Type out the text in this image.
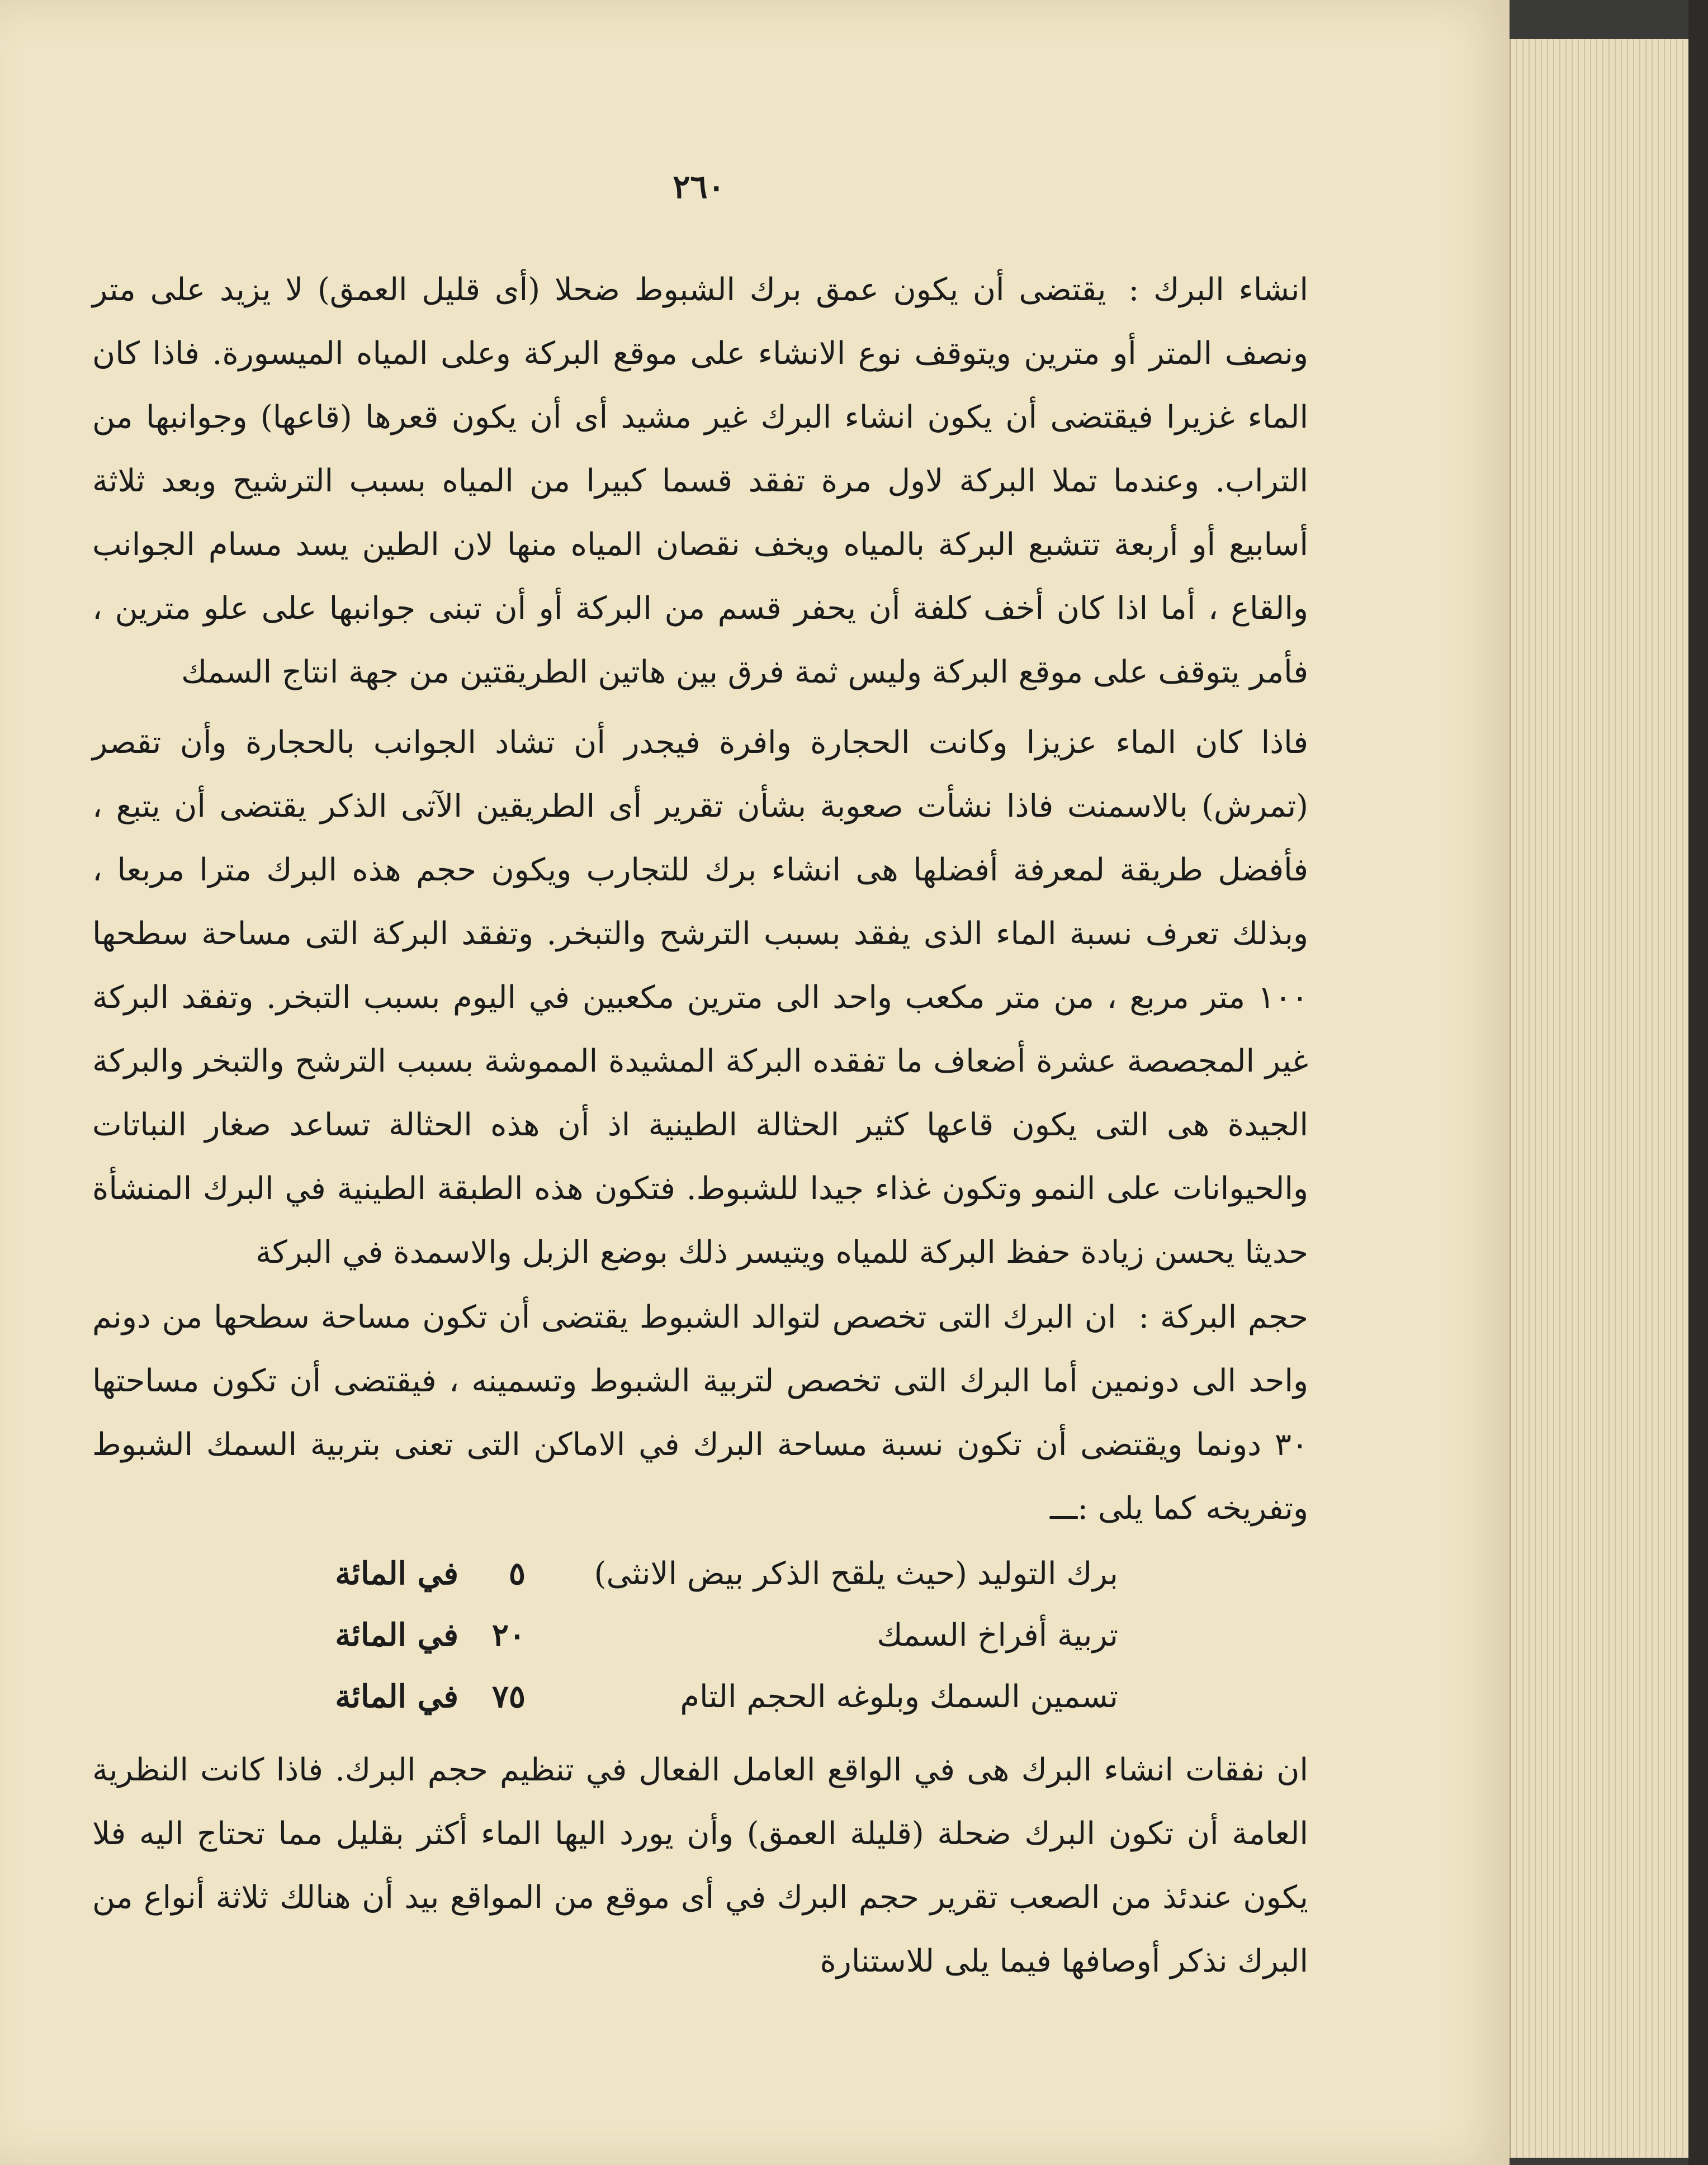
٢٦٠
انشاء البرك :يقتضى أن يكون عمق برك الشبوط ضحلا (أى قليل العمق) لا يزيد على متر ونصف المتر أو مترين ويتوقف نوع الانشاء على موقع البركة وعلى المياه الميسورة. فاذا كان الماء غزيرا فيقتضى أن يكون انشاء البرك غير مشيد أى أن يكون قعرها (قاعها) وجوانبها من التراب. وعندما تملا البركة لاول مرة تفقد قسما كبيرا من المياه بسبب الترشيح وبعد ثلاثة أسابيع أو أربعة تتشبع البركة بالمياه ويخف نقصان المياه منها لان الطين يسد مسام الجوانب والقاع ، أما اذا كان أخف كلفة أن يحفر قسم من البركة أو أن تبنى جوانبها على علو مترين ، فأمر يتوقف على موقع البركة وليس ثمة فرق بين هاتين الطريقتين من جهة انتاج السمك
فاذا كان الماء عزيزا وكانت الحجارة وافرة فيجدر أن تشاد الجوانب بالحجارة وأن تقصر (تمرش) بالاسمنت فاذا نشأت صعوبة بشأن تقرير أى الطريقين الآتى الذكر يقتضى أن يتبع ، فأفضل طريقة لمعرفة أفضلها هى انشاء برك للتجارب ويكون حجم هذه البرك مترا مربعا ، وبذلك تعرف نسبة الماء الذى يفقد بسبب الترشح والتبخر. وتفقد البركة التى مساحة سطحها ١٠٠ متر مربع ، من متر مكعب واحد الى مترين مكعبين في اليوم بسبب التبخر. وتفقد البركة غير المجصصة عشرة أضعاف ما تفقده البركة المشيدة المموشة بسبب الترشح والتبخر والبركة الجيدة هى التى يكون قاعها كثير الحثالة الطينية اذ أن هذه الحثالة تساعد صغار النباتات والحيوانات على النمو وتكون غذاء جيدا للشبوط. فتكون هذه الطبقة الطينية في البرك المنشأة حديثا يحسن زيادة حفظ البركة للمياه ويتيسر ذلك بوضع الزبل والاسمدة في البركة
حجم البركة :ان البرك التى تخصص لتوالد الشبوط يقتضى أن تكون مساحة سطحها من دونم واحد الى دونمين أما البرك التى تخصص لتربية الشبوط وتسمينه ، فيقتضى أن تكون مساحتها ٣٠ دونما ويقتضى أن تكون نسبة مساحة البرك في الاماكن التى تعنى بتربية السمك الشبوط وتفريخه كما يلى :ـــ
برك التوليد (حيث يلقح الذكر بيض الانثى)	٥	في المائة
تربية أفراخ السمك	٢٠	في المائة
تسمين السمك وبلوغه الحجم التام	٧٥	في المائة
ان نفقات انشاء البرك هى في الواقع العامل الفعال في تنظيم حجم البرك. فاذا كانت النظرية العامة أن تكون البرك ضحلة (قليلة العمق) وأن يورد اليها الماء أكثر بقليل مما تحتاج اليه فلا يكون عندئذ من الصعب تقرير حجم البرك في أى موقع من المواقع بيد أن هنالك ثلاثة أنواع من البرك نذكر أوصافها فيما يلى للاستنارة
